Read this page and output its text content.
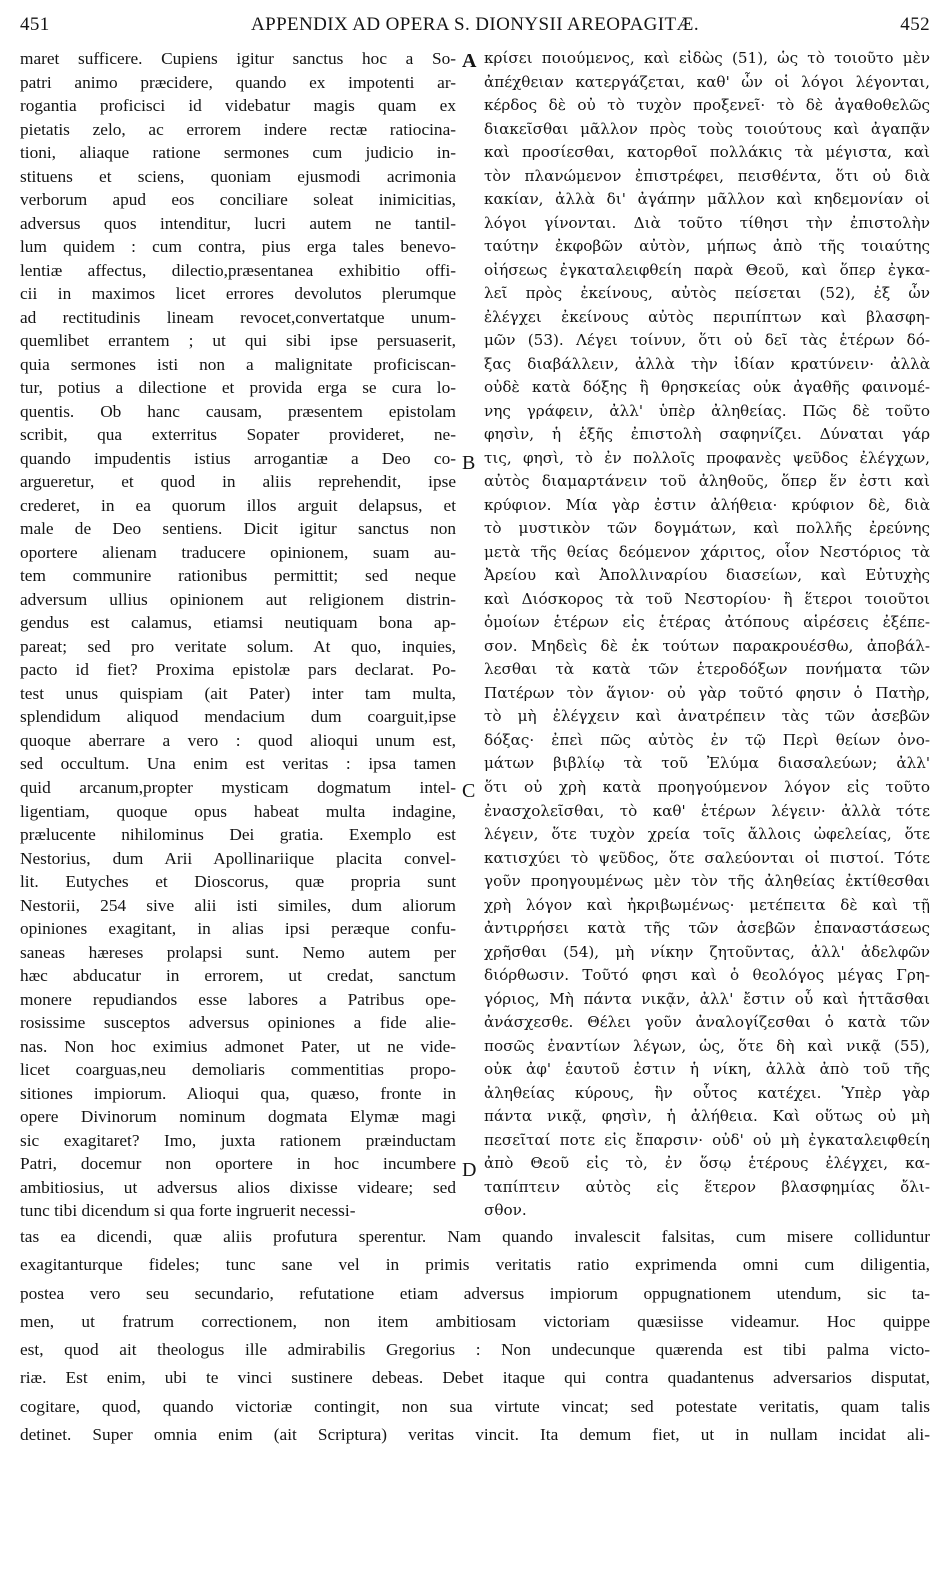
451	APPENDIX AD OPERA S. DIONYSII AREOPAGITÆ.	452
maret sufficere. Cupiens igitur sanctus hoc a So-
patri animo præcidere, quando ex impotenti ar-
rogantia proficisci id videbatur magis quam ex
pietatis zelo, ac errorem indere rectæ ratiocina-
tioni, aliaque ratione sermones cum judicio in-
stituens et sciens, quoniam ejusmodi acrimonia
verborum apud eos conciliare soleat inimicitias,
adversus quos intenditur, lucri autem ne tantil-
lum quidem : cum contra, pius erga tales benevo-
lentiæ affectus, dilectio,præsentanea exhibitio offi-
cii in maximos licet errores devolutos plerumque
ad rectitudinis lineam revocet,convertatque unum-
quemlibet errantem ; ut qui sibi ipse persuaserit,
quia sermones isti non a malignitate proficiscan-
tur, potius a dilectione et provida erga se cura lo-
quentis. Ob hanc causam, præsentem epistolam
scribit, qua exterritus Sopater provideret, ne-
quando impudentis istius arrogantiæ a Deo co-
argueretur, et quod in aliis reprehendit, ipse
crederet, in ea quorum illos arguit delapsus, et
male de Deo sentiens. Dicit igitur sanctus non
oportere alienam traducere opinionem, suam au-
tem communire rationibus permittit; sed neque
adversum ullius opinionem aut religionem distrin-
gendus est calamus, etiamsi neutiquam bona ap-
pareat; sed pro veritate solum. At quo, inquies,
pacto id fiet? Proxima epistolæ pars declarat. Po-
test unus quispiam (ait Pater) inter tam multa,
splendidum aliquod mendacium dum coarguit,ipse
quoque aberrare a vero : quod alioqui unum est,
sed occultum. Una enim est veritas : ipsa tamen
quid arcanum,propter mysticam dogmatum intel-
ligentiam, quoque opus habeat multa indagine,
prælucente nihilominus Dei gratia. Exemplo est
Nestorius, dum Arii Apollinariique placita convel-
lit. Eutyches et Dioscorus, quæ propria sunt
Nestorii, 254 sive alii isti similes, dum aliorum
opiniones exagitant, in alias ipsi peræque confu-
saneas hæreses prolapsi sunt. Nemo autem per
hæc abducatur in errorem, ut credat, sanctum
monere repudiandos esse labores a Patribus ope-
rosissime susceptos adversus opiniones a fide alie-
nas. Non hoc eximius admonet Pater, ut ne vide-
licet coarguas,neu demoliaris commentitias propo-
sitiones impiorum. Alioqui qua, quæso, fronte in
opere Divinorum nominum dogmata Elymæ magi
sic exagitaret? Imo, juxta rationem præinductam
Patri, docemur non oportere in hoc incumbere
ambitiosius, ut adversus alios dixisse videare; sed
tunc tibi dicendum si qua forte ingruerit necessi-
κρίσει ποιούμενος, καὶ εἰδὼς (51), ὡς τὸ τοιοῦτο μὲν
ἀπέχθειαν κατεργάζεται, καθ' ὧν οἱ λόγοι λέγονται,
κέρδος δὲ οὐ τὸ τυχὸν προξενεῖ· τὸ δὲ ἀγαθοθελῶς
διακεῖσθαι μᾶλλον πρὸς τοὺς τοιούτους καὶ ἀγαπᾷν
καὶ προσίεσθαι, κατορθοῖ πολλάκις τὰ μέγιστα, καὶ
τὸν πλανώμενον ἐπιστρέφει, πεισθέντα, ὅτι οὐ διὰ
κακίαν, ἀλλὰ δι' ἀγάπην μᾶλλον καὶ κηδεμονίαν οἱ
λόγοι γίνονται. Διὰ τοῦτο τίθησι τὴν ἐπιστολὴν
ταύτην ἐκφοβῶν αὐτὸν, μήπως ἀπὸ τῆς τοιαύτης
οἰήσεως ἐγκαταλειφθείη παρὰ Θεοῦ, καὶ ὅπερ ἐγκα-
λεῖ πρὸς ἐκείνους, αὐτὸς πείσεται (52), ἐξ ὧν
ἐλέγχει ἐκείνους αὐτὸς περιπίπτων καὶ βλασφη-
μῶν (53). Λέγει τοίνυν, ὅτι οὐ δεῖ τὰς ἑτέρων δό-
ξας διαβάλλειν, ἀλλὰ τὴν ἰδίαν κρατύνειν· ἀλλὰ
οὐδὲ κατὰ δόξης ἢ θρησκείας οὐκ ἀγαθῆς φαινομέ-
νης γράφειν, ἀλλ' ὑπὲρ ἀληθείας. Πῶς δὲ τοῦτο
φησὶν, ἡ ἑξῆς ἐπιστολὴ σαφηνίζει. Δύναται γάρ
τις, φησὶ, τὸ ἐν πολλοῖς προφανὲς ψεῦδος ἐλέγχων,
αὐτὸς διαμαρτάνειν τοῦ ἀληθοῦς, ὅπερ ἕν ἐστι καὶ
κρύφιον. Μία γὰρ ἐστιν ἀλήθεια· κρύφιον δὲ, διὰ
τὸ μυστικὸν τῶν δογμάτων, καὶ πολλῆς ἐρεύνης
μετὰ τῆς θείας δεόμενον χάριτος, οἷον Νεστόριος τὰ
Ἀρείου καὶ Ἀπολλιναρίου διασείων, καὶ Εὐτυχὴς
καὶ Διόσκορος τὰ τοῦ Νεστορίου· ἢ ἕτεροι τοιοῦτοι
ὁμοίων ἑτέρων εἰς ἑτέρας ἀτόπους αἱρέσεις ἐξέπε-
σον. Μηδεὶς δὲ ἐκ τούτων παρακρουέσθω, ἀποβάλ-
λεσθαι τὰ κατὰ τῶν ἑτεροδόξων πονήματα τῶν
Πατέρων τὸν ἅγιον· οὐ γὰρ τοῦτό φησιν ὁ Πατὴρ,
τὸ μὴ ἐλέγχειν καὶ ἀνατρέπειν τὰς τῶν ἀσεβῶν
δόξας· ἐπεὶ πῶς αὐτὸς ἐν τῷ Περὶ θείων ὀνο-
μάτων βιβλίῳ τὰ τοῦ Ἐλύμα διασαλεύων; ἀλλ'
ὅτι οὐ χρὴ κατὰ προηγούμενον λόγον εἰς τοῦτο
ἐνασχολεῖσθαι, τὸ καθ' ἑτέρων λέγειν· ἀλλὰ τότε
λέγειν, ὅτε τυχὸν χρεία τοῖς ἄλλοις ὠφελείας, ὅτε
κατισχύει τὸ ψεῦδος, ὅτε σαλεύονται οἱ πιστοί. Τότε
γοῦν προηγουμένως μὲν τὸν τῆς ἀληθείας ἐκτίθεσθαι
χρὴ λόγον καὶ ἠκριβωμένως· μετέπειτα δὲ καὶ τῇ
ἀντιρρήσει κατὰ τῆς τῶν ἀσεβῶν ἐπαναστάσεως
χρῆσθαι (54), μὴ νίκην ζητοῦντας, ἀλλ' ἀδελφῶν
διόρθωσιν. Τοῦτό φησι καὶ ὁ θεολόγος μέγας Γρη-
γόριος, Μὴ πάντα νικᾷν, ἀλλ' ἔστιν οὗ καὶ ἡττᾶσθαι
ἀνάσχεσθε. Θέλει γοῦν ἀναλογίζεσθαι ὁ κατὰ τῶν
ποσῶς ἐναντίων λέγων, ὡς, ὅτε δὴ καὶ νικᾷ (55),
οὐκ ἀφ' ἑαυτοῦ ἐστιν ἡ νίκη, ἀλλὰ ἀπὸ τοῦ τῆς
ἀληθείας κύρους, ἣν οὗτος κατέχει. Ὑπὲρ γὰρ
πάντα νικᾷ, φησὶν, ἡ ἀλήθεια. Καὶ οὕτως οὐ μὴ
πεσεῖταί ποτε εἰς ἔπαρσιν· οὐδ' οὐ μὴ ἐγκαταλειφθείη
ἀπὸ Θεοῦ εἰς τὸ, ἐν ὅσῳ ἑτέρους ἐλέγχει, κα-
ταπίπτειν αὐτὸς εἰς ἕτερον βλασφημίας ὄλι-
σθον.
A
B
C
D
tas ea dicendi, quæ aliis profutura sperentur. Nam quando invalescit falsitas, cum misere colliduntur
exagitanturque fideles; tunc sane vel in primis veritatis ratio exprimenda omni cum diligentia,
postea vero seu secundario, refutatione etiam adversus impiorum oppugnationem utendum, sic ta-
men, ut fratrum correctionem, non item ambitiosam victoriam quæsiisse videamur. Hoc quippe
est, quod ait theologus ille admirabilis Gregorius : Non undecunque quærenda est tibi palma victo-
riæ. Est enim, ubi te vinci sustinere debeas. Debet itaque qui contra quadantenus adversarios disputat,
cogitare, quod, quando victoriæ contingit, non sua virtute vincat; sed potestate veritatis, quam talis
detinet. Super omnia enim (ait Scriptura) veritas vincit. Ita demum fiet, ut in nullam incidat ali-
